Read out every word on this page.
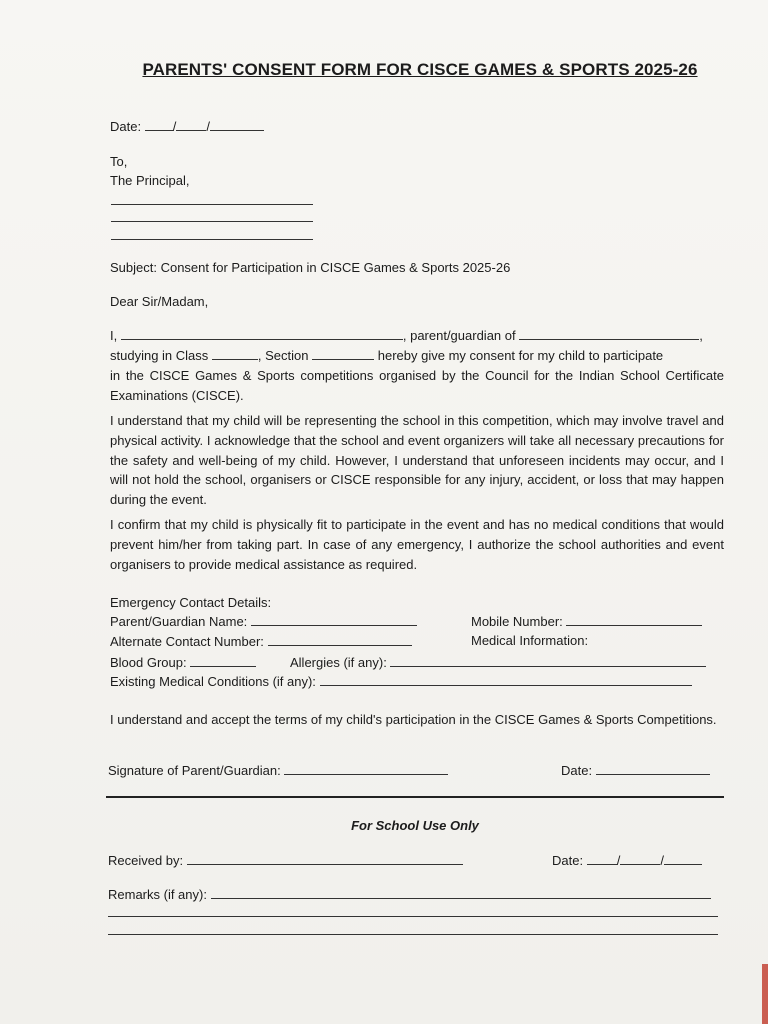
PARENTS' CONSENT FORM FOR CISCE GAMES & SPORTS 2025-26
Date: / /
To,
The Principal,
Subject: Consent for Participation in CISCE Games & Sports 2025-26
Dear Sir/Madam,
I,	, parent/guardian of	,
studying in Class	, Section	hereby give my consent for my child to participate
in the CISCE Games & Sports competitions organised by the Council for the Indian School Certificate Examinations (CISCE).
I understand that my child will be representing the school in this competition, which may involve travel and physical activity. I acknowledge that the school and event organizers will take all necessary precautions for the safety and well-being of my child. However, I understand that unforeseen incidents may occur, and I will not hold the school, organisers or CISCE responsible for any injury, accident, or loss that may happen during the event.
I confirm that my child is physically fit to participate in the event and has no medical conditions that would prevent him/her from taking part. In case of any emergency, I authorize the school authorities and event organisers to provide medical assistance as required.
Emergency Contact Details:
Parent/Guardian Name:	Mobile Number:
Alternate Contact Number:	Medical Information:
Blood Group:	Allergies (if any):
Existing Medical Conditions (if any):
I understand and accept the terms of my child's participation in the CISCE Games & Sports Competitions.
Signature of Parent/Guardian:	Date:
For School Use Only
Received by:	Date:	/	/
Remarks (if any):
